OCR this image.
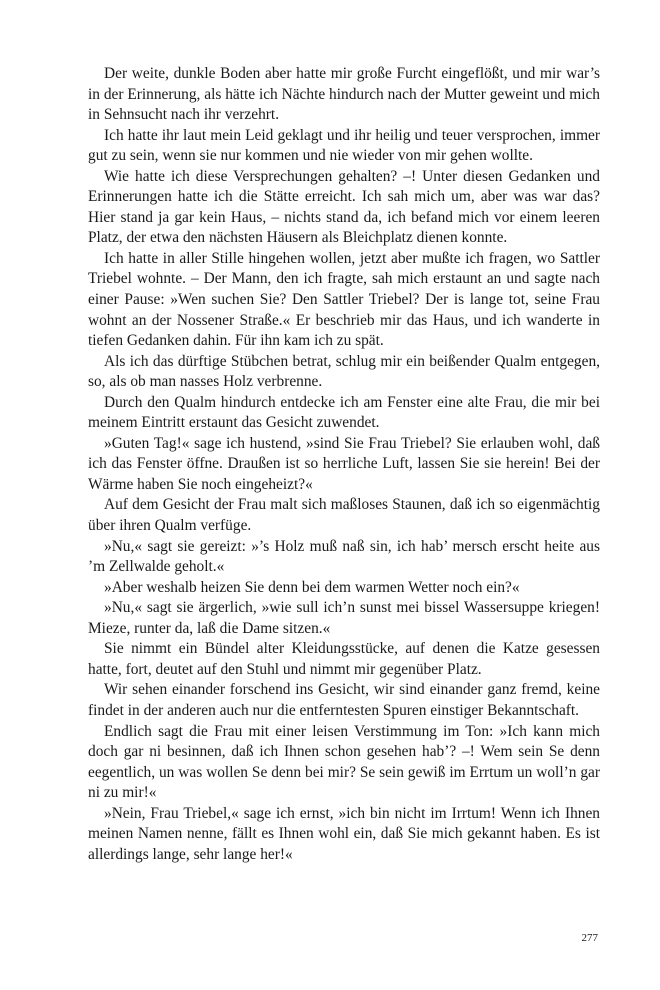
Der weite, dunkle Boden aber hatte mir große Furcht eingeflößt, und mir war’s in der Erinnerung, als hätte ich Nächte hindurch nach der Mutter geweint und mich in Sehnsucht nach ihr verzehrt.

Ich hatte ihr laut mein Leid geklagt und ihr heilig und teuer versprochen, immer gut zu sein, wenn sie nur kommen und nie wieder von mir gehen wollte.

Wie hatte ich diese Versprechungen gehalten? –! Unter diesen Gedanken und Erinnerungen hatte ich die Stätte erreicht. Ich sah mich um, aber was war das? Hier stand ja gar kein Haus, – nichts stand da, ich befand mich vor einem leeren Platz, der etwa den nächsten Häusern als Bleichplatz dienen konnte.

Ich hatte in aller Stille hingehen wollen, jetzt aber mußte ich fragen, wo Sattler Triebel wohnte. – Der Mann, den ich fragte, sah mich erstaunt an und sagte nach einer Pause: »Wen suchen Sie? Den Sattler Triebel? Der is lange tot, seine Frau wohnt an der Nossener Straße.« Er beschrieb mir das Haus, und ich wanderte in tiefen Gedanken dahin. Für ihn kam ich zu spät.

Als ich das dürftige Stübchen betrat, schlug mir ein beißender Qualm entgegen, so, als ob man nasses Holz verbrenne.

Durch den Qualm hindurch entdecke ich am Fenster eine alte Frau, die mir bei meinem Eintritt erstaunt das Gesicht zuwendet.

»Guten Tag!« sage ich hustend, »sind Sie Frau Triebel? Sie erlauben wohl, daß ich das Fenster öffne. Draußen ist so herrliche Luft, lassen Sie sie herein! Bei der Wärme haben Sie noch eingeheizt?«

Auf dem Gesicht der Frau malt sich maßloses Staunen, daß ich so eigenmächtig über ihren Qualm verfüge.

»Nu,« sagt sie gereizt: »’s Holz muß naß sin, ich hab’ mersch erscht heite aus ’m Zellwalde geholt.«

»Aber weshalb heizen Sie denn bei dem warmen Wetter noch ein?«

»Nu,« sagt sie ärgerlich, »wie sull ich’n sunst mei bissel Wassersuppe kriegen! Mieze, runter da, laß die Dame sitzen.«

Sie nimmt ein Bündel alter Kleidungsstücke, auf denen die Katze gesessen hatte, fort, deutet auf den Stuhl und nimmt mir gegenüber Platz.

Wir sehen einander forschend ins Gesicht, wir sind einander ganz fremd, keine findet in der anderen auch nur die entferntesten Spuren einstiger Bekanntschaft.

Endlich sagt die Frau mit einer leisen Verstimmung im Ton: »Ich kann mich doch gar ni besinnen, daß ich Ihnen schon gesehen hab’? –! Wem sein Se denn eegentlich, un was wollen Se denn bei mir? Se sein gewiß im Errtum un woll’n gar ni zu mir!«

»Nein, Frau Triebel,« sage ich ernst, »ich bin nicht im Irrtum! Wenn ich Ihnen meinen Namen nenne, fällt es Ihnen wohl ein, daß Sie mich gekannt haben. Es ist allerdings lange, sehr lange her!«

277
